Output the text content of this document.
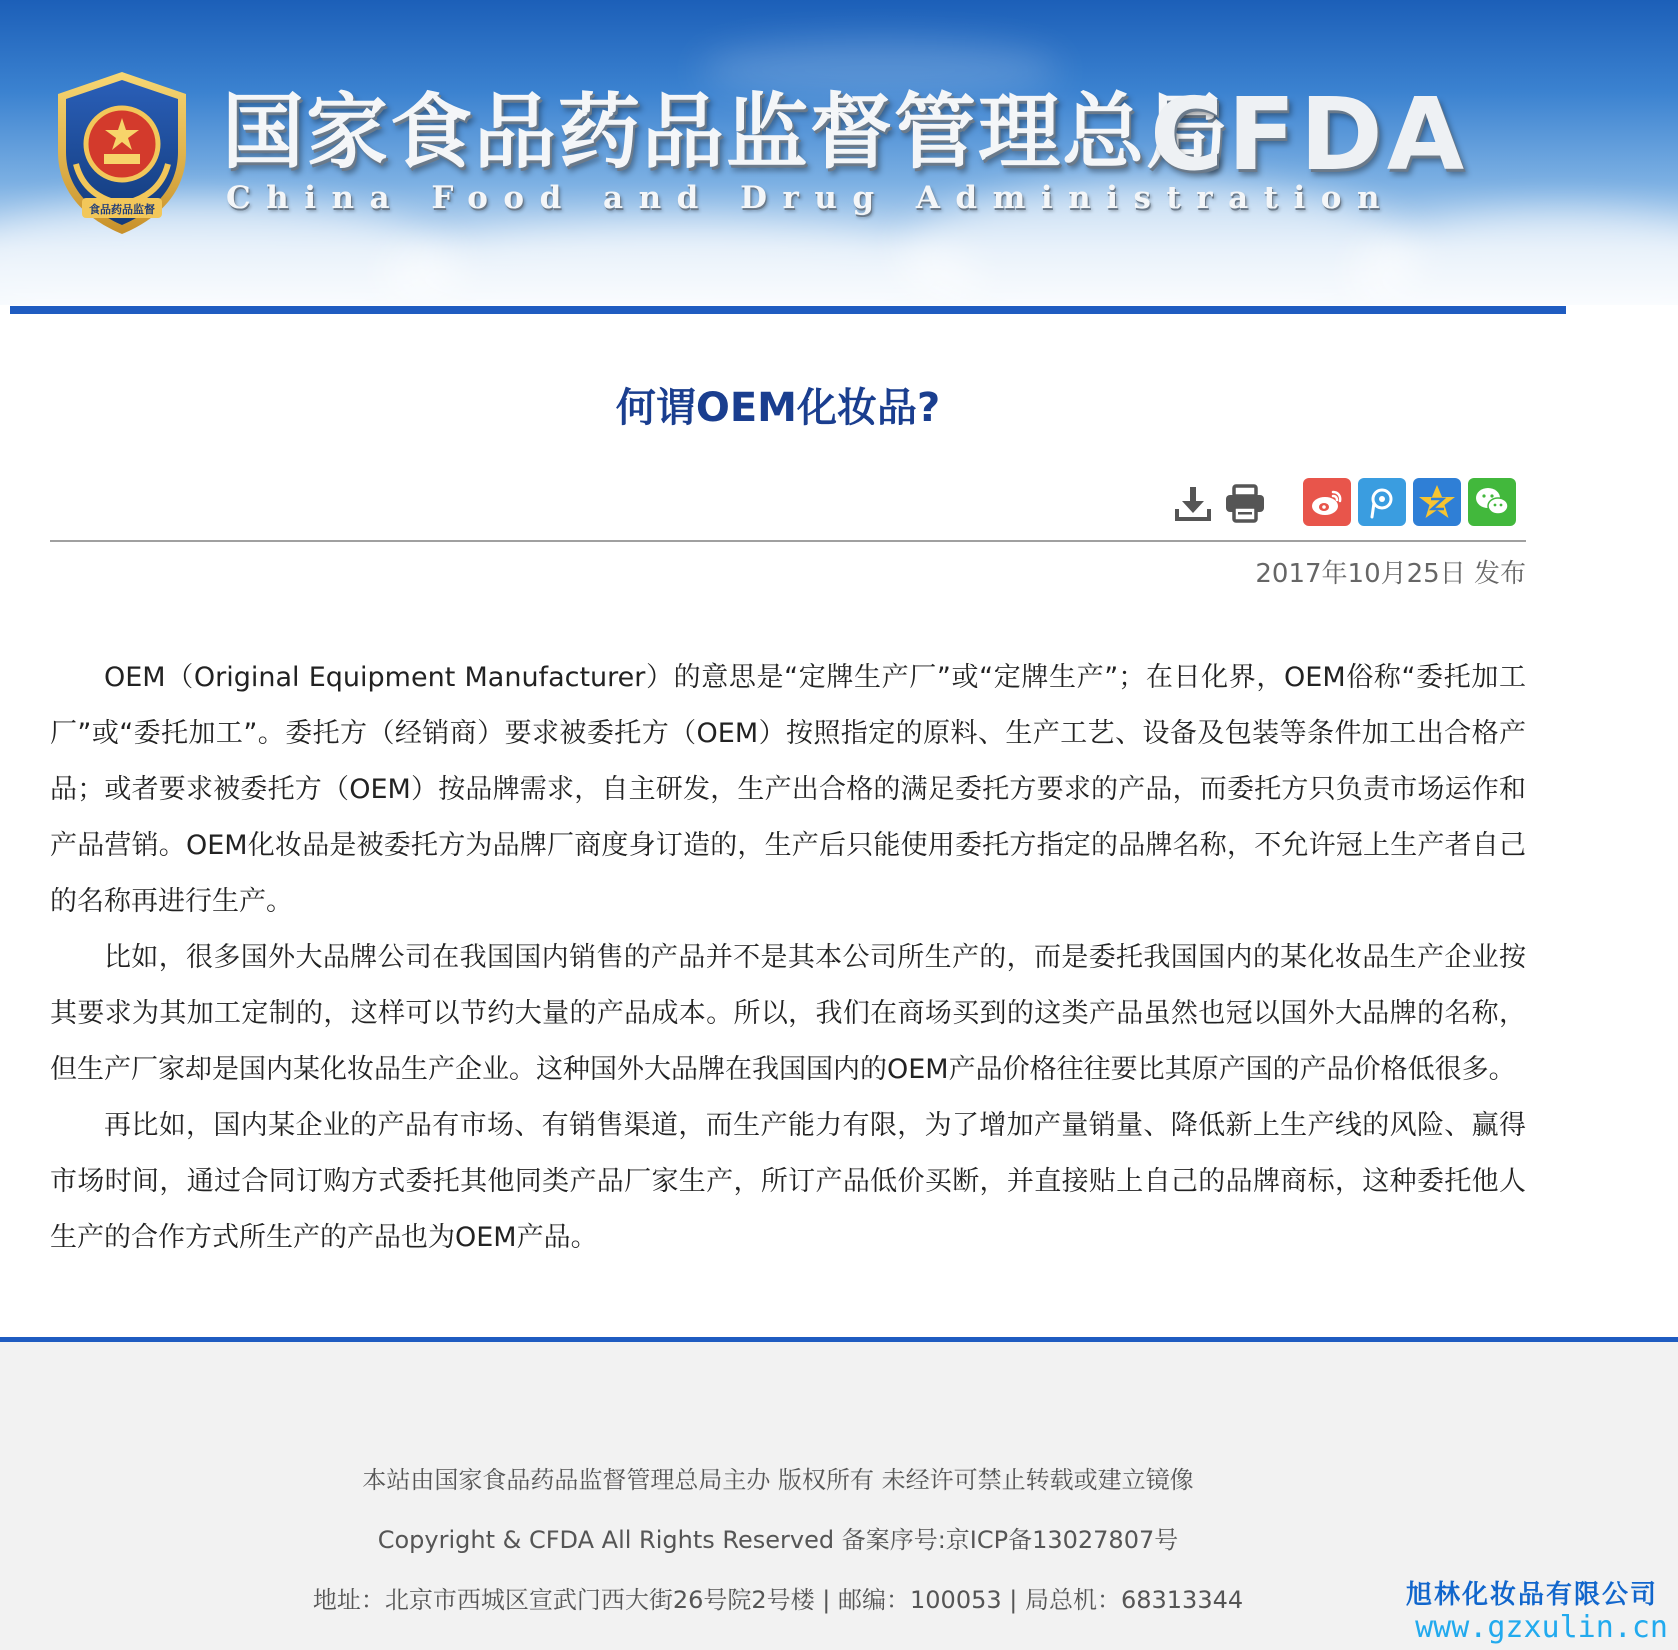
食品药品监督
国家食品药品监督管理总局
CFDA
China Food and Drug Administration
何谓OEM化妆品?
2017年10月25日 发布

OEM（Original Equipment Manufacturer）的意思是“定牌生产厂”或“定牌生产”；在日化界，OEM俗称“委托加工厂”或“委托加工”。委托方（经销商）要求被委托方（OEM）按照指定的原料、生产工艺、设备及包装等条件加工出合格产品；或者要求被委托方（OEM）按品牌需求，自主研发，生产出合格的满足委托方要求的产品，而委托方只负责市场运作和产品营销。OEM化妆品是被委托方为品牌厂商度身订造的，生产后只能使用委托方指定的品牌名称，不允许冠上生产者自己的名称再进行生产。

比如，很多国外大品牌公司在我国国内销售的产品并不是其本公司所生产的，而是委托我国国内的某化妆品生产企业按其要求为其加工定制的，这样可以节约大量的产品成本。所以，我们在商场买到的这类产品虽然也冠以国外大品牌的名称，但生产厂家却是国内某化妆品生产企业。这种国外大品牌在我国国内的OEM产品价格往往要比其原产国的产品价格低很多。

再比如，国内某企业的产品有市场、有销售渠道，而生产能力有限，为了增加产量销量、降低新上生产线的风险、赢得市场时间，通过合同订购方式委托其他同类产品厂家生产，所订产品低价买断，并直接贴上自己的品牌商标，这种委托他人生产的合作方式所生产的产品也为OEM产品。

本站由国家食品药品监督管理总局主办 版权所有 未经许可禁止转载或建立镜像
Copyright & CFDA All Rights Reserved 备案序号:京ICP备13027807号
地址：北京市西城区宣武门西大街26号院2号楼 | 邮编：100053 | 局总机：68313344	旭林化妆品有限公司
www.gzxulin.cn
